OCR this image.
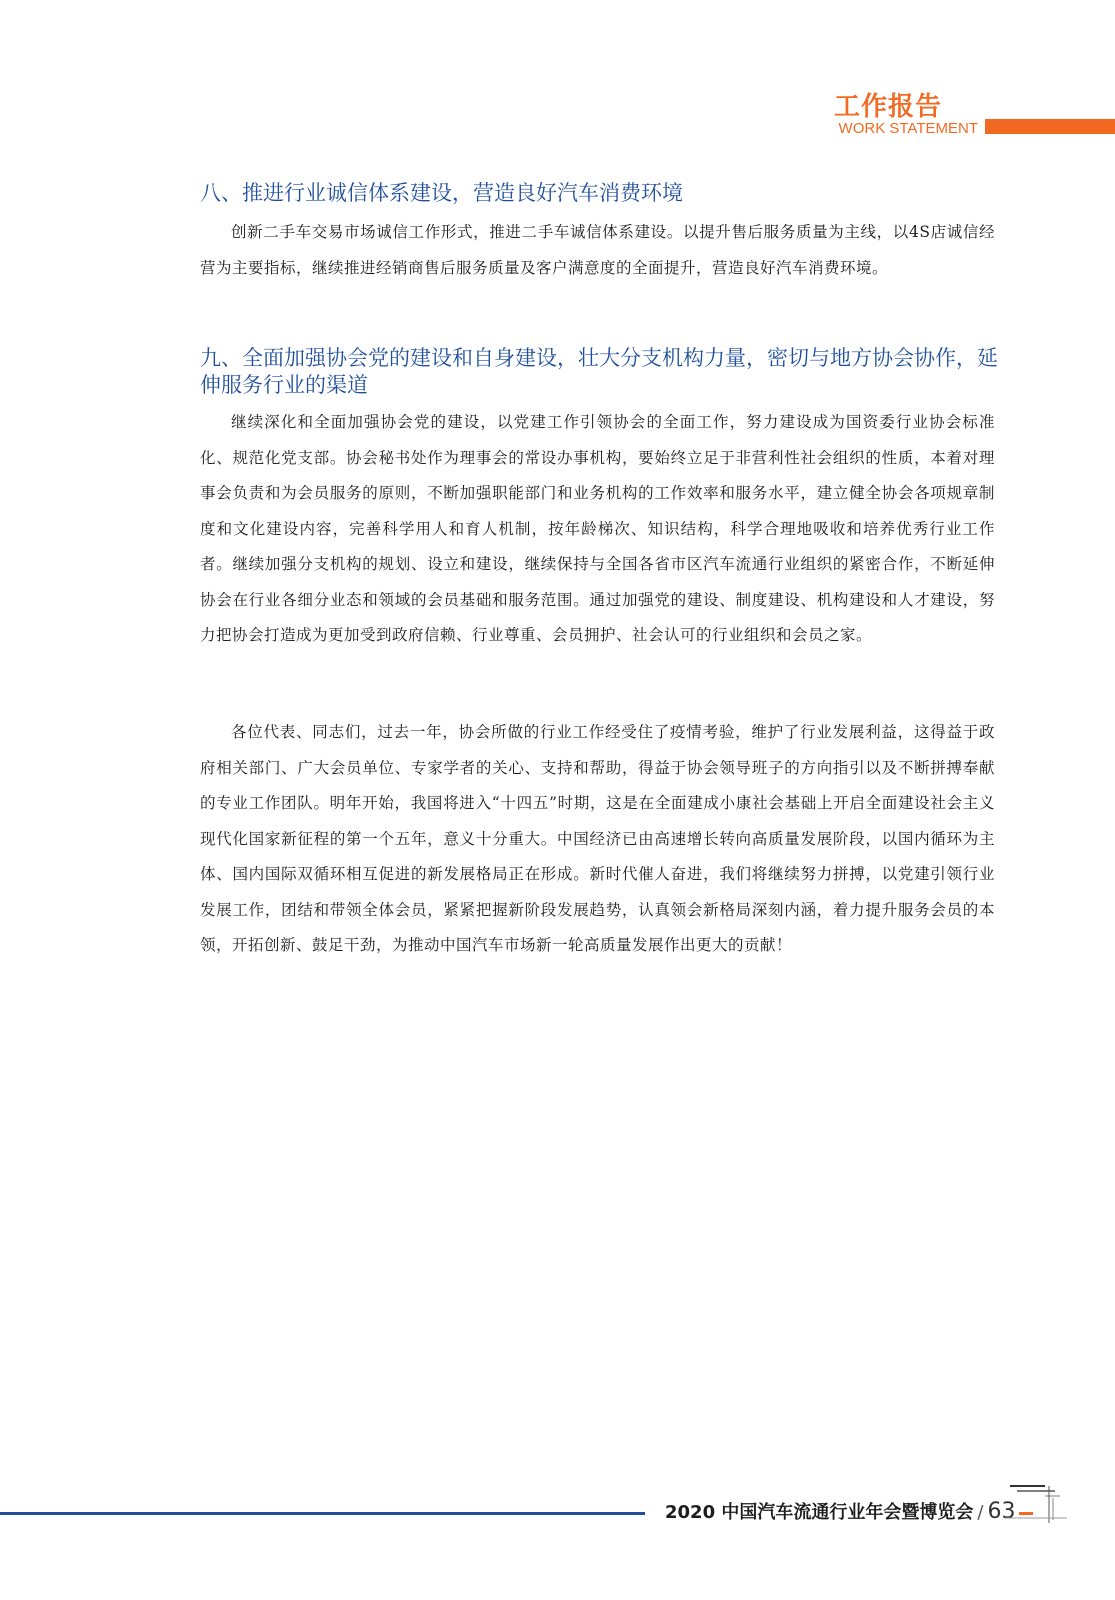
工作报告
WORK STATEMENT
八、推进行业诚信体系建设，营造良好汽车消费环境

创新二手车交易市场诚信工作形式，推进二手车诚信体系建设。以提升售后服务质量为主线，以4S店诚信经营为主要指标，继续推进经销商售后服务质量及客户满意度的全面提升，营造良好汽车消费环境。

九、全面加强协会党的建设和自身建设，壮大分支机构力量，密切与地方协会协作，延伸服务行业的渠道

继续深化和全面加强协会党的建设，以党建工作引领协会的全面工作，努力建设成为国资委行业协会标准化、规范化党支部。协会秘书处作为理事会的常设办事机构，要始终立足于非营利性社会组织的性质，本着对理事会负责和为会员服务的原则，不断加强职能部门和业务机构的工作效率和服务水平，建立健全协会各项规章制度和文化建设内容，完善科学用人和育人机制，按年龄梯次、知识结构，科学合理地吸收和培养优秀行业工作者。继续加强分支机构的规划、设立和建设，继续保持与全国各省市区汽车流通行业组织的紧密合作，不断延伸协会在行业各细分业态和领域的会员基础和服务范围。通过加强党的建设、制度建设、机构建设和人才建设，努力把协会打造成为更加受到政府信赖、行业尊重、会员拥护、社会认可的行业组织和会员之家。

各位代表、同志们，过去一年，协会所做的行业工作经受住了疫情考验，维护了行业发展利益，这得益于政府相关部门、广大会员单位、专家学者的关心、支持和帮助，得益于协会领导班子的方向指引以及不断拼搏奉献的专业工作团队。明年开始，我国将进入“十四五”时期，这是在全面建成小康社会基础上开启全面建设社会主义现代化国家新征程的第一个五年，意义十分重大。中国经济已由高速增长转向高质量发展阶段，以国内循环为主体、国内国际双循环相互促进的新发展格局正在形成。新时代催人奋进，我们将继续努力拼搏，以党建引领行业发展工作，团结和带领全体会员，紧紧把握新阶段发展趋势，认真领会新格局深刻内涵，着力提升服务会员的本领，开拓创新、鼓足干劲，为推动中国汽车市场新一轮高质量发展作出更大的贡献！

2020 中国汽车流通行业年会暨博览会 / 63
